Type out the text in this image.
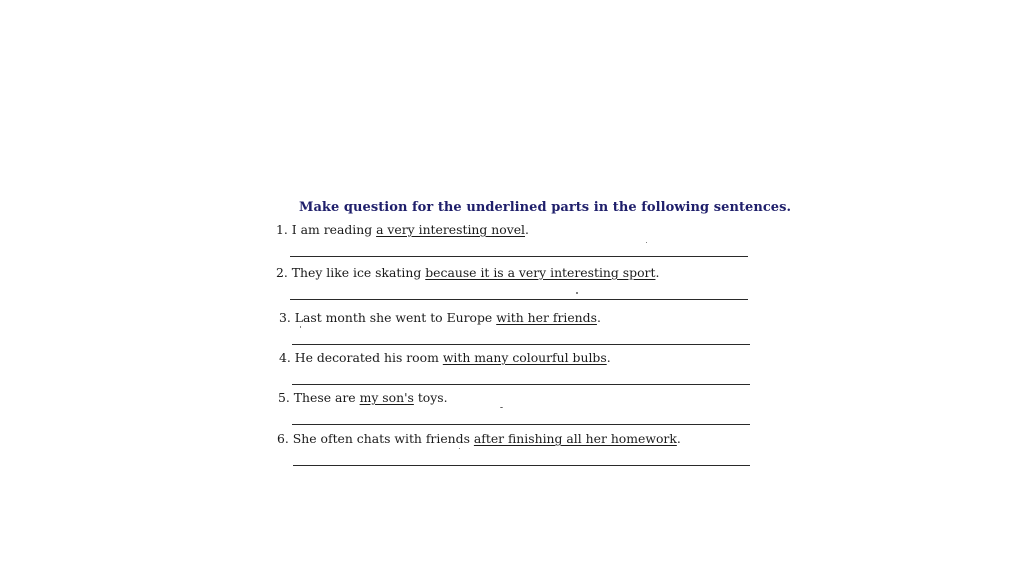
Make question for the underlined parts in the following sentences.
1. I am reading a very interesting novel.
2. They like ice skating because it is a very interesting sport.
3. Last month she went to Europe with her friends.
4. He decorated his room with many colourful bulbs.
5. These are my son's toys.
6. She often chats with friends after finishing all her homework.
